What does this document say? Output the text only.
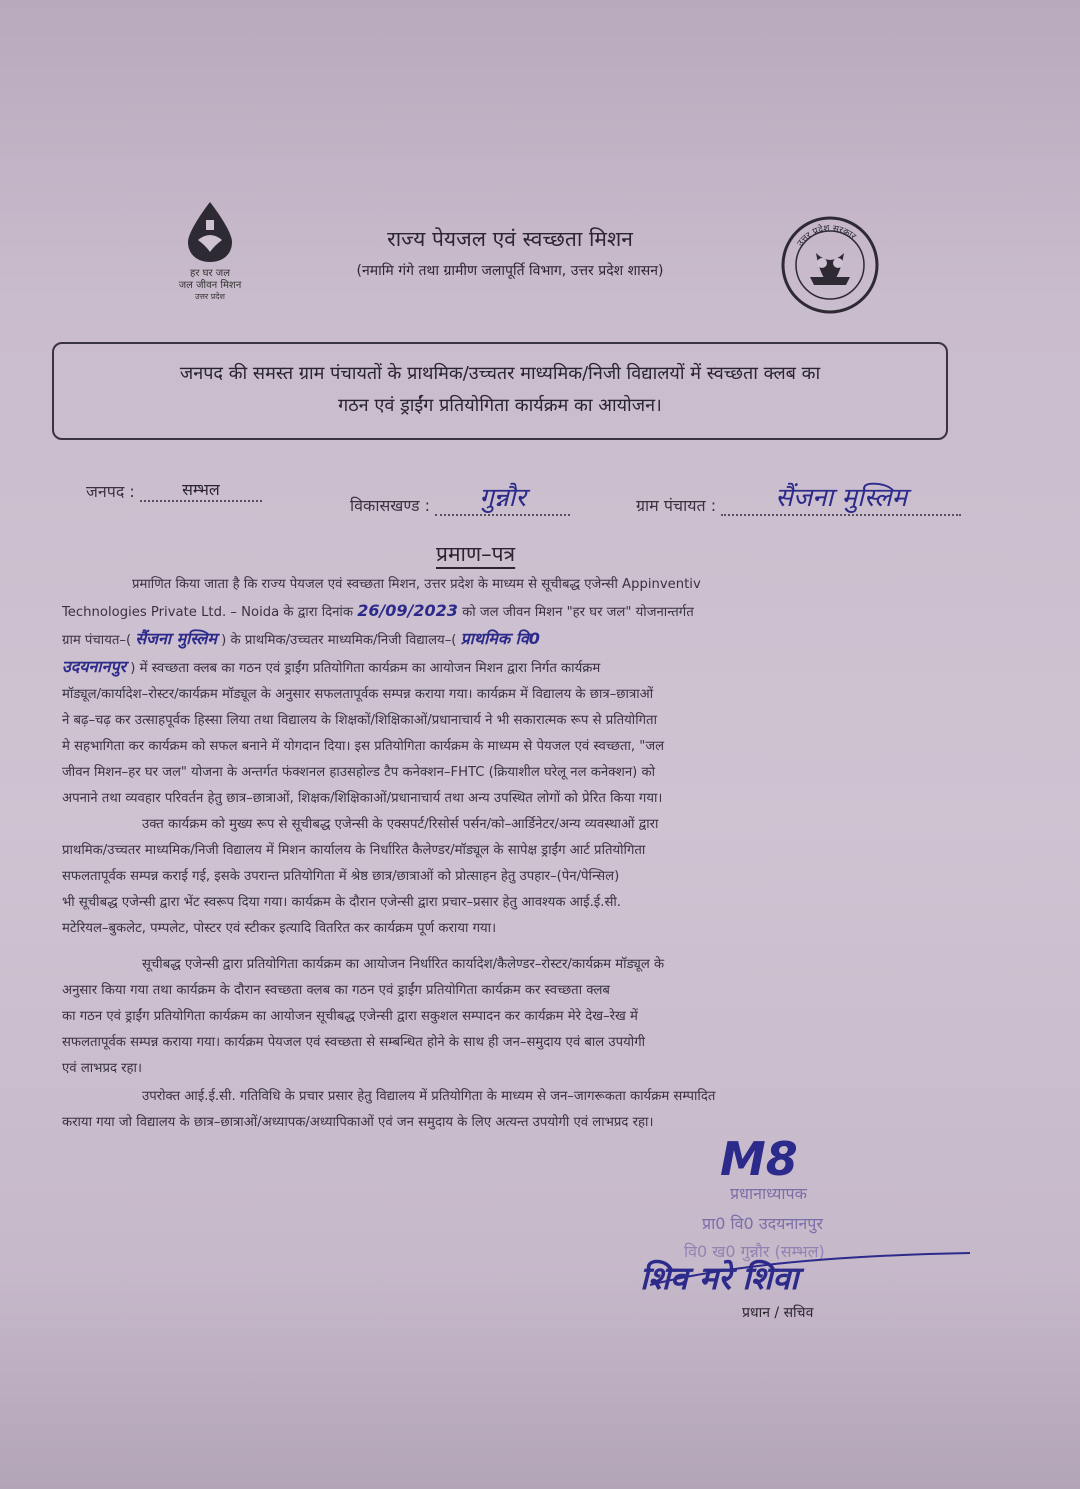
हर घर जल
जल जीवन मिशन
उत्तर प्रदेश
राज्य पेयजल एवं स्वच्छता मिशन
(नमामि गंगे तथा ग्रामीण जलापूर्ति विभाग, उत्तर प्रदेश शासन)
उत्तर प्रदेश सरकार
जनपद की समस्त ग्राम पंचायतों के प्राथमिक/उच्चतर माध्यमिक/निजी विद्यालयों में स्वच्छता क्लब का
गठन एवं ड्राईंग प्रतियोगिता कार्यक्रम का आयोजन।
जनपद :	सम्भल
विकासखण्ड : गुन्नौर	ग्राम पंचायत : सैंजना मुस्लिम
प्रमाण–पत्र
प्रमाणित किया जाता है कि राज्य पेयजल एवं स्वच्छता मिशन, उत्तर प्रदेश के माध्यम से सूचीबद्ध एजेन्सी Appinventiv
Technologies Private Ltd. – Noida के द्वारा दिनांक 26/09/2023 को जल जीवन मिशन "हर घर जल" योजनान्तर्गत
ग्राम पंचायत–( सैंजना मुस्लिम ) के प्राथमिक/उच्चतर माध्यमिक/निजी विद्यालय–( प्राथमिक वि0
उदयनानपुर ) में स्वच्छता क्लब का गठन एवं ड्राईंग प्रतियोगिता कार्यक्रम का आयोजन मिशन द्वारा निर्गत कार्यक्रम
मॉड्यूल/कार्यादेश–रोस्टर/कार्यक्रम मॉड्यूल के अनुसार सफलतापूर्वक सम्पन्न कराया गया। कार्यक्रम में विद्यालय के छात्र–छात्राओं
ने बढ़–चढ़ कर उत्साहपूर्वक हिस्सा लिया तथा विद्यालय के शिक्षकों/शिक्षिकाओं/प्रधानाचार्य ने भी सकारात्मक रूप से प्रतियोगिता
मे सहभागिता कर कार्यक्रम को सफल बनाने में योगदान दिया। इस प्रतियोगिता कार्यक्रम के माध्यम से पेयजल एवं स्वच्छता, "जल
जीवन मिशन–हर घर जल" योजना के अन्तर्गत फंक्शनल हाउसहोल्ड टैप कनेक्शन–FHTC (क्रियाशील घरेलू नल कनेक्शन) को
अपनाने तथा व्यवहार परिवर्तन हेतु छात्र–छात्राओं, शिक्षक/शिक्षिकाओं/प्रधानाचार्य तथा अन्य उपस्थित लोगों को प्रेरित किया गया।
उक्त कार्यक्रम को मुख्य रूप से सूचीबद्ध एजेन्सी के एक्सपर्ट/रिसोर्स पर्सन/को–आर्डिनेटर/अन्य व्यवस्थाओं द्वारा
प्राथमिक/उच्चतर माध्यमिक/निजी विद्यालय में मिशन कार्यालय के निर्धारित कैलेण्डर/मॉड्यूल के सापेक्ष ड्राईंग आर्ट प्रतियोगिता
सफलतापूर्वक सम्पन्न कराई गई, इसके उपरान्त प्रतियोगिता में श्रेष्ठ छात्र/छात्राओं को प्रोत्साहन हेतु उपहार–(पेन/पेन्सिल)
भी सूचीबद्ध एजेन्सी द्वारा भेंट स्वरूप दिया गया। कार्यक्रम के दौरान एजेन्सी द्वारा प्रचार–प्रसार हेतु आवश्यक आई.ई.सी.
मटेरियल–बुकलेट, पम्पलेट, पोस्टर एवं स्टीकर इत्यादि वितरित कर कार्यक्रम पूर्ण कराया गया।
सूचीबद्ध एजेन्सी द्वारा प्रतियोगिता कार्यक्रम का आयोजन निर्धारित कार्यादेश/कैलेण्डर–रोस्टर/कार्यक्रम मॉड्यूल के
अनुसार किया गया तथा कार्यक्रम के दौरान स्वच्छता क्लब का गठन एवं ड्राईंग प्रतियोगिता कार्यक्रम कर स्वच्छता क्लब
का गठन एवं ड्राईंग प्रतियोगिता कार्यक्रम का आयोजन सूचीबद्ध एजेन्सी द्वारा सकुशल सम्पादन कर कार्यक्रम मेरे देख–रेख में
सफलतापूर्वक सम्पन्न कराया गया। कार्यक्रम पेयजल एवं स्वच्छता से सम्बन्धित होने के साथ ही जन–समुदाय एवं बाल उपयोगी
एवं लाभप्रद रहा।
उपरोक्त आई.ई.सी. गतिविधि के प्रचार प्रसार हेतु विद्यालय में प्रतियोगिता के माध्यम से जन–जागरूकता कार्यक्रम सम्पादित
कराया गया जो विद्यालय के छात्र–छात्राओं/अध्यापक/अध्यापिकाओं एवं जन समुदाय के लिए अत्यन्त उपयोगी एवं लाभप्रद रहा।
M8
प्रधानाध्यापक
प्रा0 वि0 उदयनानपुर
वि0 ख0 गुन्नौर (सम्भल)
शिव मरे शिवा
प्रधान / सचिव
